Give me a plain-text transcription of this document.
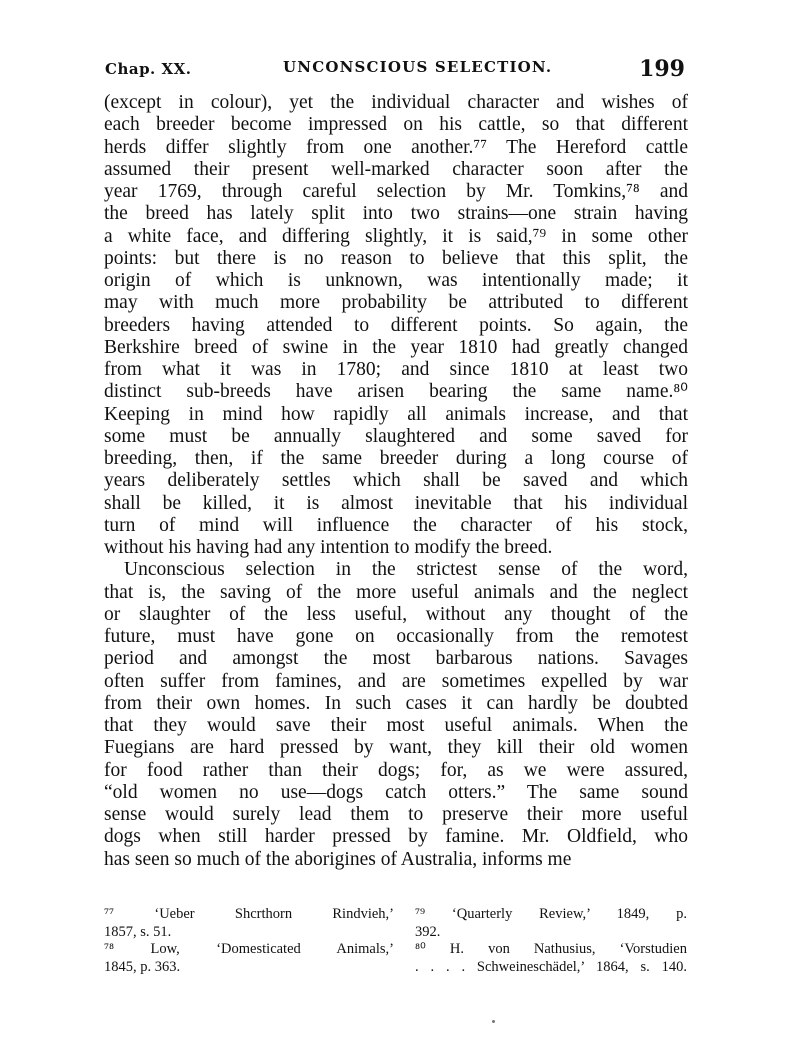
Chap. XX.	UNCONSCIOUS SELECTION.	199
(except in colour), yet the individual character and wishes of
each breeder become impressed on his cattle, so that different
herds differ slightly from one another.⁷⁷ The Hereford cattle
assumed their present well-marked character soon after the
year 1769, through careful selection by Mr. Tomkins,⁷⁸ and
the breed has lately split into two strains—one strain having
a white face, and differing slightly, it is said,⁷⁹ in some other
points: but there is no reason to believe that this split, the
origin of which is unknown, was intentionally made; it
may with much more probability be attributed to different
breeders having attended to different points. So again, the
Berkshire breed of swine in the year 1810 had greatly changed
from what it was in 1780; and since 1810 at least two
distinct sub-breeds have arisen bearing the same name.⁸⁰
Keeping in mind how rapidly all animals increase, and that
some must be annually slaughtered and some saved for
breeding, then, if the same breeder during a long course of
years deliberately settles which shall be saved and which
shall be killed, it is almost inevitable that his individual
turn of mind will influence the character of his stock,
without his having had any intention to modify the breed.
Unconscious selection in the strictest sense of the word,
that is, the saving of the more useful animals and the neglect
or slaughter of the less useful, without any thought of the
future, must have gone on occasionally from the remotest
period and amongst the most barbarous nations. Savages
often suffer from famines, and are sometimes expelled by war
from their own homes. In such cases it can hardly be doubted
that they would save their most useful animals. When the
Fuegians are hard pressed by want, they kill their old women
for food rather than their dogs; for, as we were assured,
“old women no use—dogs catch otters.” The same sound
sense would surely lead them to preserve their more useful
dogs when still harder pressed by famine. Mr. Oldfield, who
has seen so much of the aborigines of Australia, informs me
⁷⁷ ‘Ueber Shcrthorn Rindvieh,’
1857, s. 51.
⁷⁸ Low, ‘Domesticated Animals,’
1845, p. 363.
⁷⁹ ‘Quarterly Review,’ 1849, p.
392.
⁸⁰ H. von Nathusius, ‘Vorstudien
. . . . Schweineschädel,’ 1864, s. 140.
